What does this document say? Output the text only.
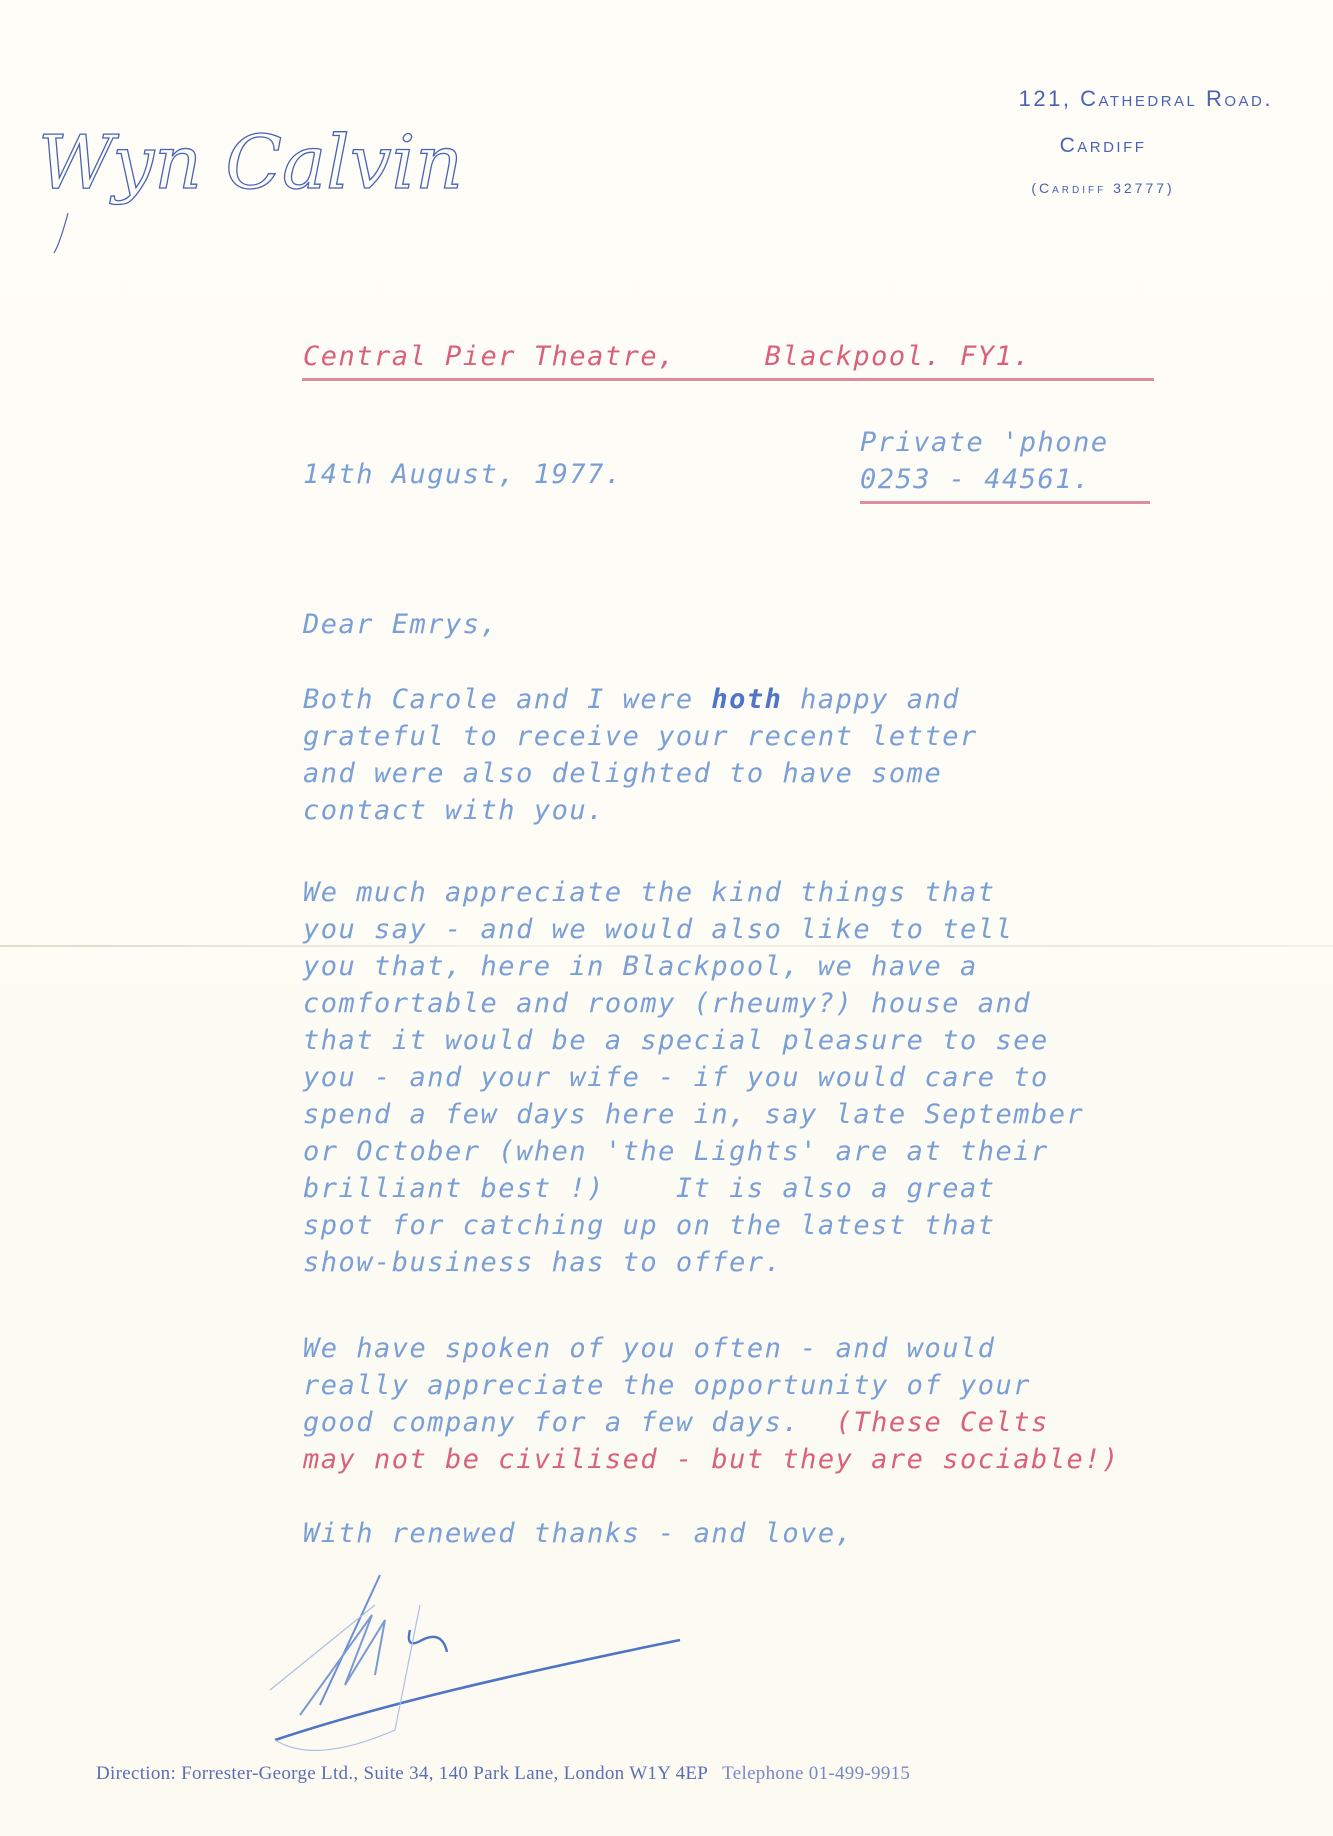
Wyn Calvin
121, Cathedral Road.
Cardiff
(Cardiff 32777)
Central Pier Theatre,     Blackpool. FY1.
14th August, 1977.
Private 'phone
0253 - 44561.
Dear Emrys,
Both Carole and I were hoth happy and
grateful to receive your recent letter
and were also delighted to have some
contact with you.
We much appreciate the kind things that
you say - and we would also like to tell
you that, here in Blackpool, we have a
comfortable and roomy (rheumy?) house and
that it would be a special pleasure to see
you - and your wife - if you would care to
spend a few days here in, say late September
or October (when 'the Lights' are at their
brilliant best !)    It is also a great
spot for catching up on the latest that
show-business has to offer.
We have spoken of you often - and would
really appreciate the opportunity of your
good company for a few days.  (These Celts
may not be civilised - but they are sociable!)
With renewed thanks - and love,
Direction: Forrester-George Ltd., Suite 34, 140 Park Lane, London W1Y 4EP Telephone 01-499-9915
